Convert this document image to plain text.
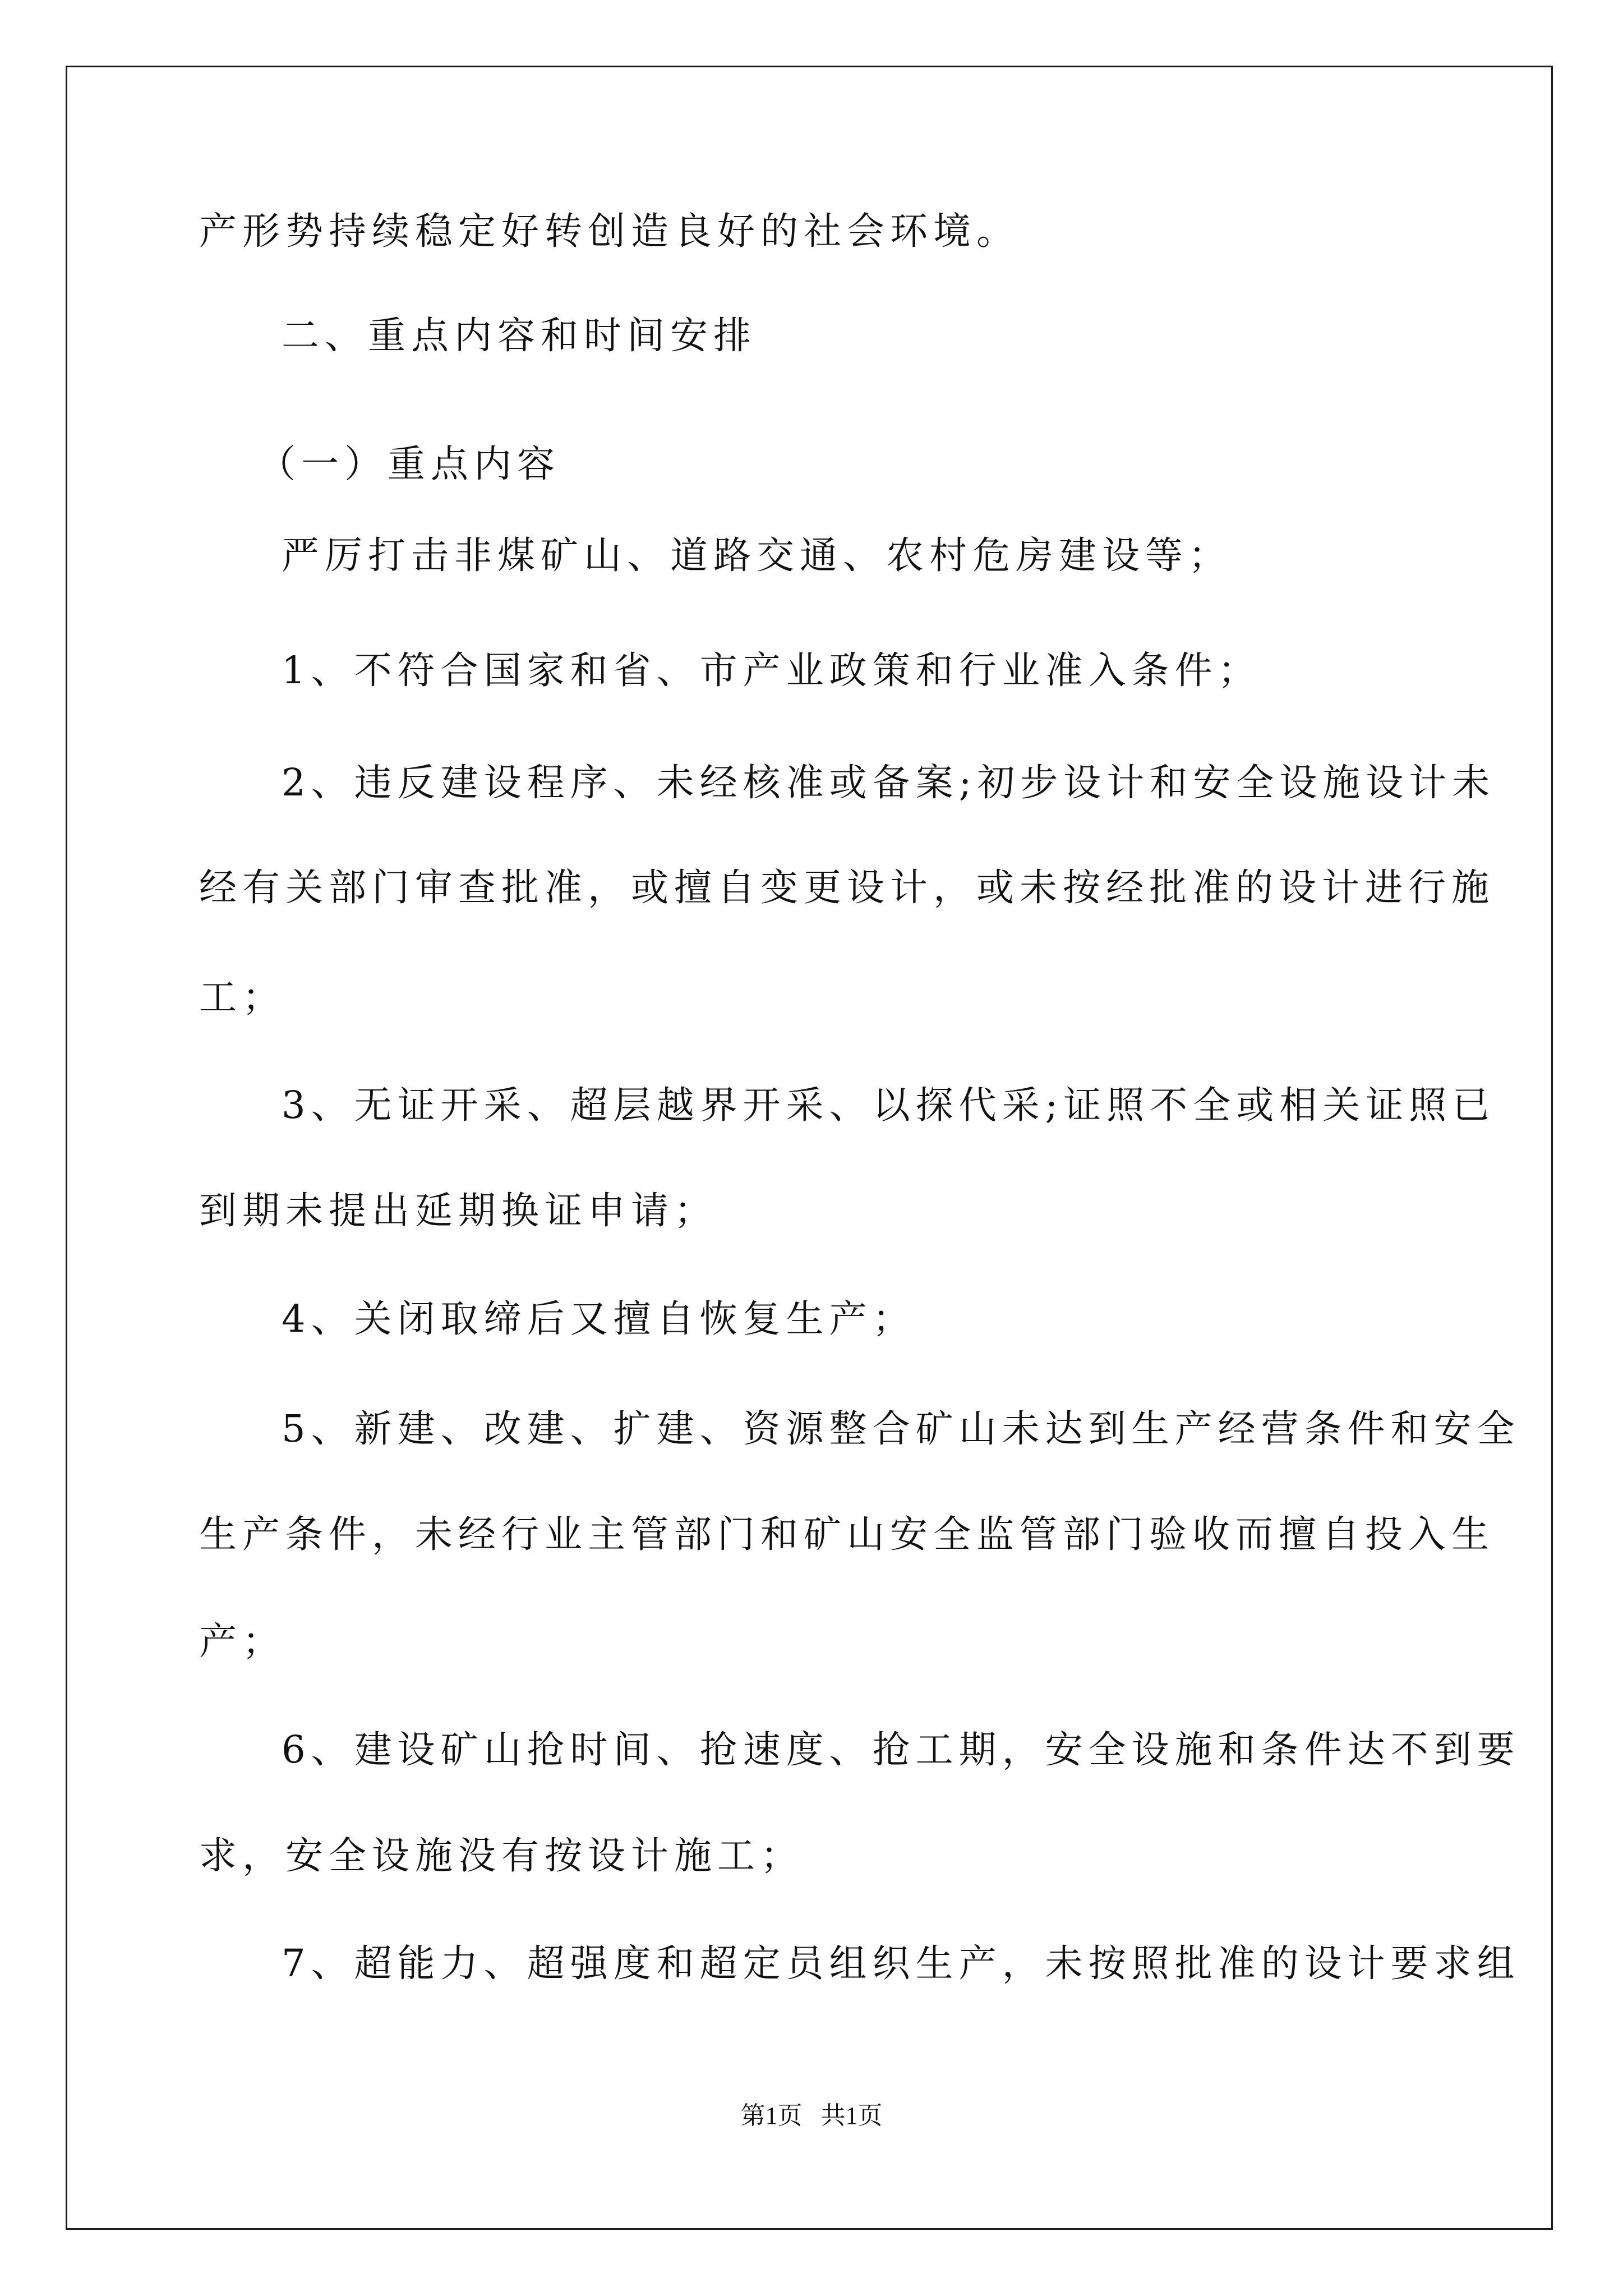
产形势持续稳定好转创造良好的社会环境。
二、重点内容和时间安排
（一）重点内容
严厉打击非煤矿山、道路交通、农村危房建设等；
1、不符合国家和省、市产业政策和行业准入条件；
2、违反建设程序、未经核准或备案;初步设计和安全设施设计未
经有关部门审查批准，或擅自变更设计，或未按经批准的设计进行施
工；
3、无证开采、超层越界开采、以探代采;证照不全或相关证照已
到期未提出延期换证申请；
4、关闭取缔后又擅自恢复生产；
5、新建、改建、扩建、资源整合矿山未达到生产经营条件和安全
生产条件，未经行业主管部门和矿山安全监管部门验收而擅自投入生
产；
6、建设矿山抢时间、抢速度、抢工期，安全设施和条件达不到要
求，安全设施没有按设计施工；
7、超能力、超强度和超定员组织生产，未按照批准的设计要求组
第1页   共1页
